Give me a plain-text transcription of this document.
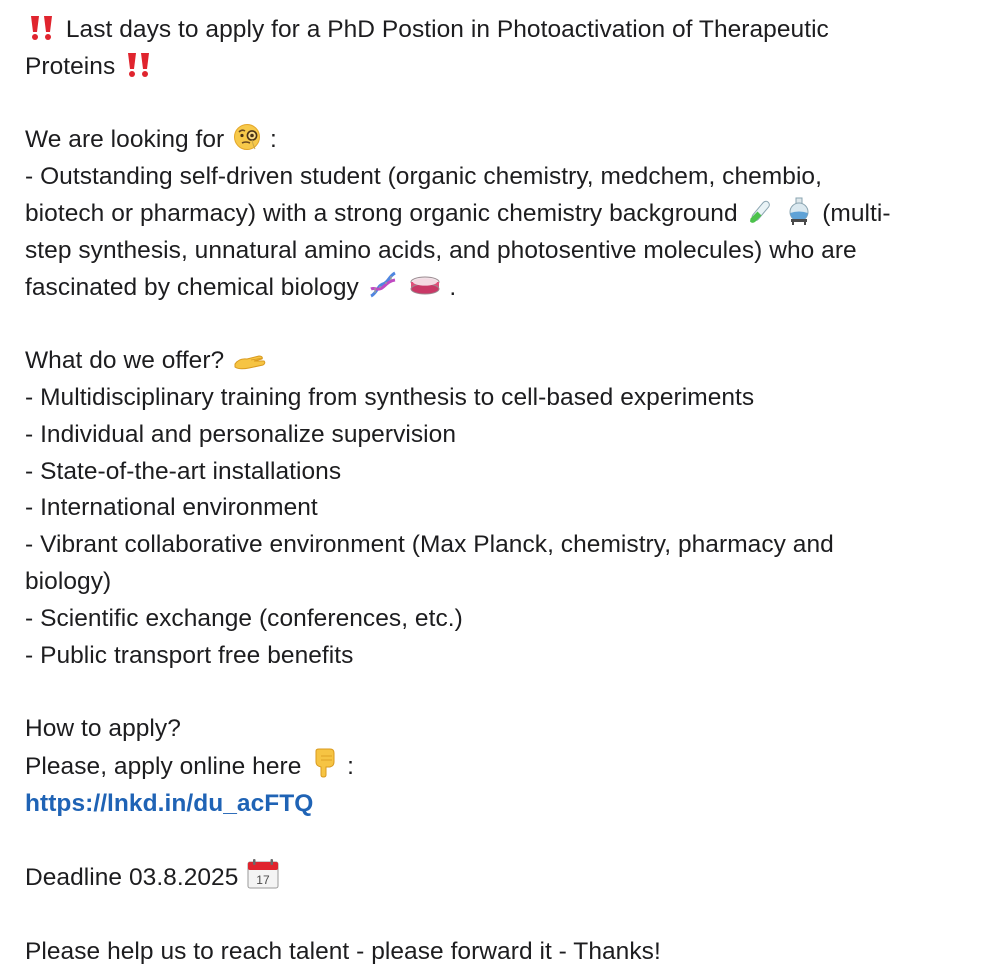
Last days to apply for a PhD Postion in Photoactivation of Therapeutic
Proteins
We are looking for :
- Outstanding self-driven student (organic chemistry, medchem, chembio,
biotech or pharmacy) with a strong organic chemistry background
	(multi-
step synthesis, unnatural amino acids, and photosentive molecules) who are
fascinated by chemical biology
	.
What do we offer?
- Multidisciplinary training from synthesis to cell-based experiments
- Individual and personalize supervision
- State-of-the-art installations
- International environment
- Vibrant collaborative environment (Max Planck, chemistry, pharmacy and
biology)
- Scientific exchange (conferences, etc.)
- Public transport free benefits
How to apply?
Please, apply online here :
https://lnkd.in/du_acFTQ
Deadline 03.8.2025 17
Please help us to reach talent - please forward it - Thanks!
